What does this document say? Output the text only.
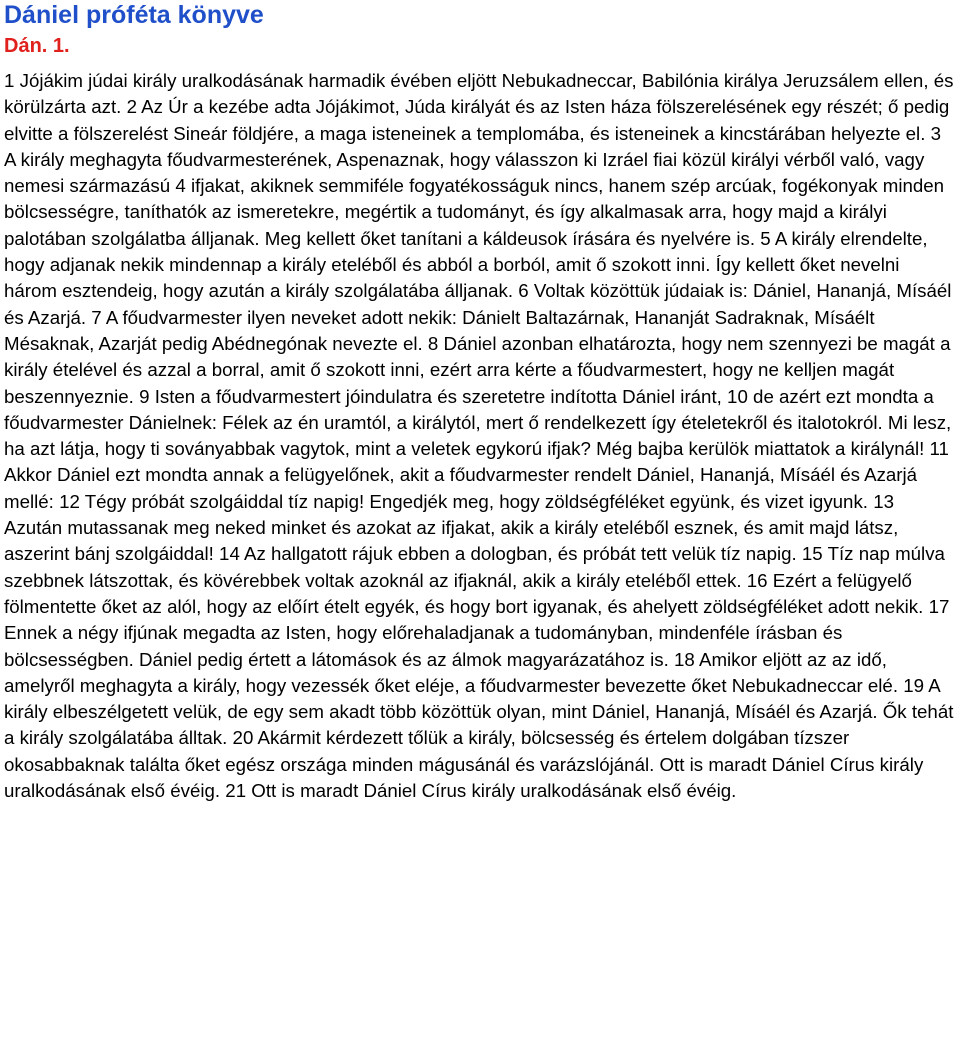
Dániel próféta könyve
Dán. 1.

1 Jójákim júdai király uralkodásának harmadik évében eljött Nebukadneccar, Babilónia királya Jeruzsálem ellen, és körülzárta azt. 2 Az Úr a kezébe adta Jójákimot, Júda királyát és az Isten háza fölszerelésének egy részét; ő pedig elvitte a fölszerelést Sineár földjére, a maga isteneinek a templomába, és isteneinek a kincstárában helyezte el. 3 A király meghagyta főudvarmesterének, Aspenaznak, hogy válasszon ki Izráel fiai közül királyi vérből való, vagy nemesi származású 4 ifjakat, akiknek semmiféle fogyatékosságuk nincs, hanem szép arcúak, fogékonyak minden bölcsességre, taníthatók az ismeretekre, megértik a tudományt, és így alkalmasak arra, hogy majd a királyi palotában szolgálatba álljanak. Meg kellett őket tanítani a káldeusok írására és nyelvére is. 5 A király elrendelte, hogy adjanak nekik mindennap a király eteléből és abból a borból, amit ő szokott inni. Így kellett őket nevelni három esztendeig, hogy azután a király szolgálatába álljanak. 6 Voltak közöttük júdaiak is: Dániel, Hananjá, Mísáél és Azarjá. 7 A főudvarmester ilyen neveket adott nekik: Dánielt Baltazárnak, Hananját Sadraknak, Mísáélt Mésaknak, Azarját pedig Abédnegónak nevezte el. 8 Dániel azonban elhatározta, hogy nem szennyezi be magát a király ételével és azzal a borral, amit ő szokott inni, ezért arra kérte a főudvarmestert, hogy ne kelljen magát beszennyeznie. 9 Isten a főudvarmestert jóindulatra és szeretetre indította Dániel iránt, 10 de azért ezt mondta a főudvarmester Dánielnek: Félek az én uramtól, a királytól, mert ő rendelkezett így ételetekről és italotokról. Mi lesz, ha azt látja, hogy ti soványabbak vagytok, mint a veletek egykorú ifjak? Még bajba kerülök miattatok a királynál! 11 Akkor Dániel ezt mondta annak a felügyelőnek, akit a főudvarmester rendelt Dániel, Hananjá, Mísáél és Azarjá mellé: 12 Tégy próbát szolgáiddal tíz napig! Engedjék meg, hogy zöldségféléket együnk, és vizet igyunk. 13 Azután mutassanak meg neked minket és azokat az ifjakat, akik a király eteléből esznek, és amit majd látsz, aszerint bánj szolgáiddal! 14 Az hallgatott rájuk ebben a dologban, és próbát tett velük tíz napig. 15 Tíz nap múlva szebbnek látszottak, és kövérebbek voltak azoknál az ifjaknál, akik a király eteléből ettek. 16 Ezért a felügyelő fölmentette őket az alól, hogy az előírt ételt egyék, és hogy bort igyanak, és ahelyett zöldségféléket adott nekik. 17 Ennek a négy ifjúnak megadta az Isten, hogy előrehaladjanak a tudományban, mindenféle írásban és bölcsességben. Dániel pedig értett a látomások és az álmok magyarázatához is. 18 Amikor eljött az az idő, amelyről meghagyta a király, hogy vezessék őket eléje, a főudvarmester bevezette őket Nebukadneccar elé. 19 A király elbeszélgetett velük, de egy sem akadt több közöttük olyan, mint Dániel, Hananjá, Mísáél és Azarjá. Ők tehát a király szolgálatába álltak. 20 Akármit kérdezett tőlük a király, bölcsesség és értelem dolgában tízszer okosabbaknak találta őket egész országa minden mágusánál és varázslójánál. Ott is maradt Dániel Círus király uralkodásának első évéig. 21 Ott is maradt Dániel Círus király uralkodásának első évéig.
